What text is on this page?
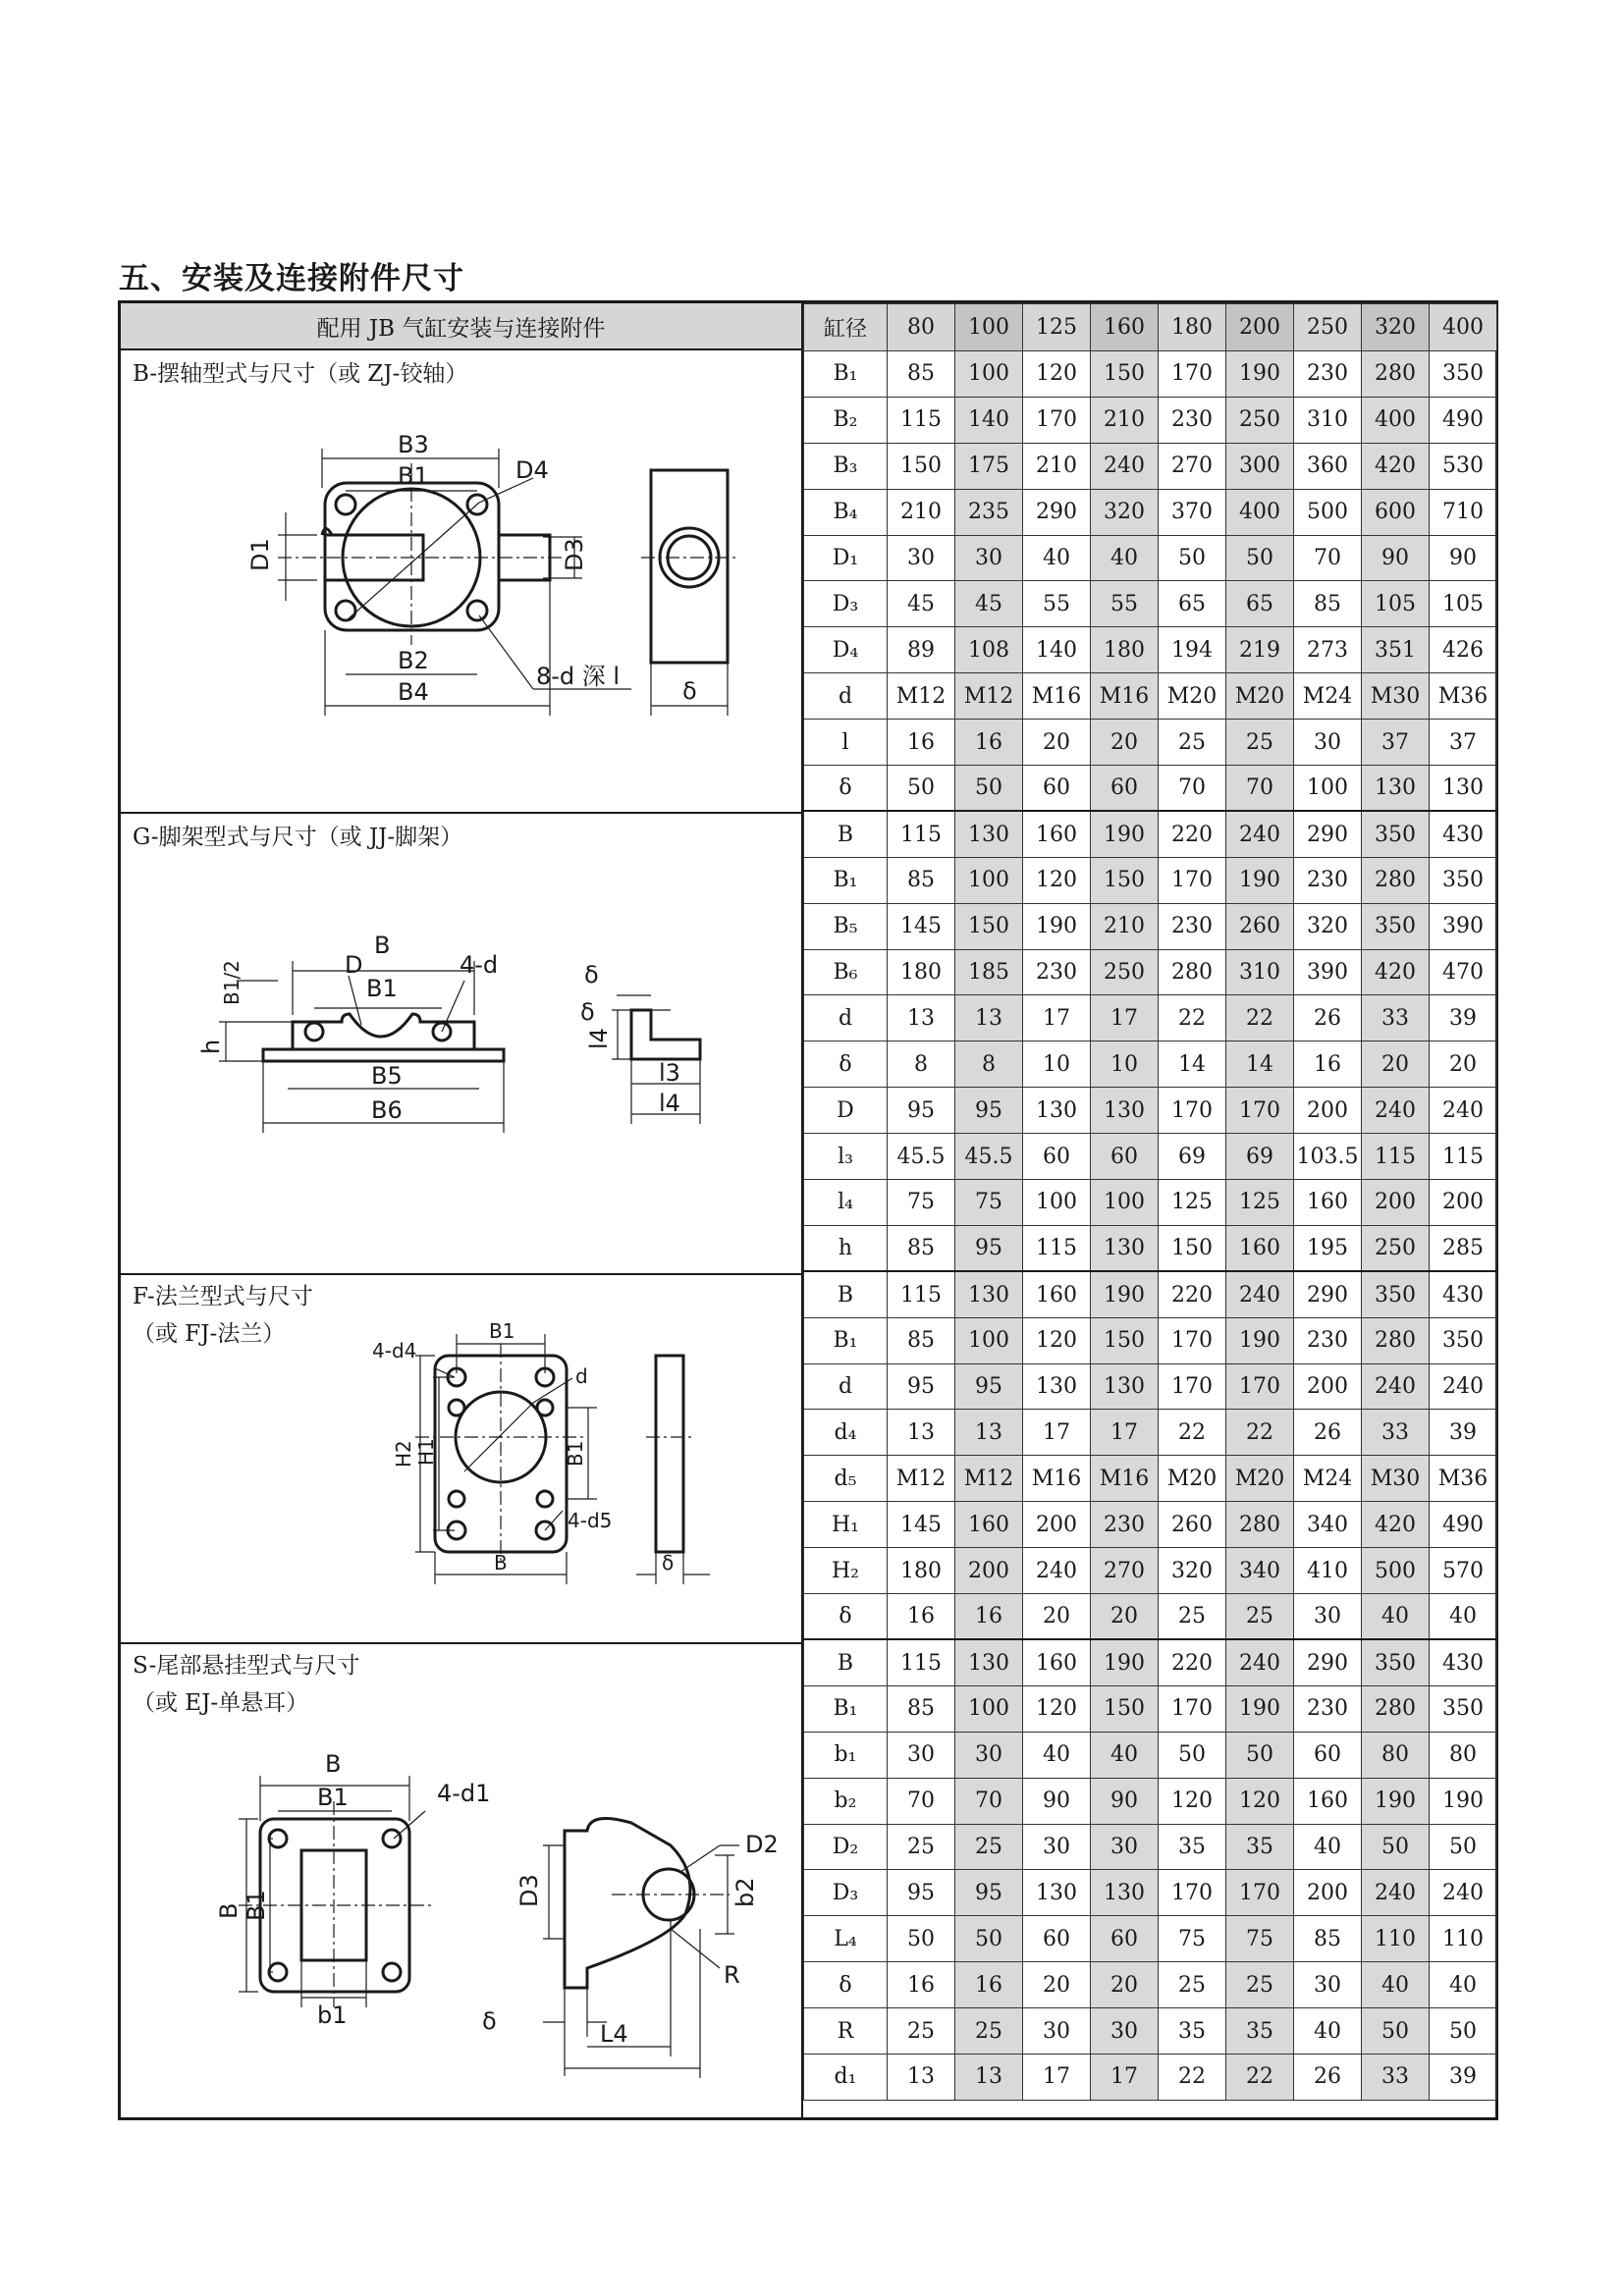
五、安装及连接附件尺寸
配用 JB 气缸安装与连接附件
B-摆轴型式与尺寸（或 ZJ-铰轴）
B3
B1	D4
D1	D3
B2
B4
8-d 深 l
δ
G-脚架型式与尺寸（或 JJ-脚架）
B
B1
D	4-d
B1/2
h
B5
B6
δ
δ
l4
l3
l4
F-法兰型式与尺寸
（或 FJ-法兰）
4-d4
B1
d
H2 H1	B1
4-d5
B	δ
S-尾部悬挂型式与尺寸
（或 EJ-单悬耳）
B
B1	4-d1
B B1
b1
D3
δ
D2
b2
R
L4
缸径	80	100	125	160	180	200	250	320	400
B₁	85	100	120	150	170	190	230	280	350
B₂	115	140	170	210	230	250	310	400	490
B₃	150	175	210	240	270	300	360	420	530
B₄	210	235	290	320	370	400	500	600	710
D₁	30	30	40	40	50	50	70	90	90
D₃	45	45	55	55	65	65	85	105	105
D₄	89	108	140	180	194	219	273	351	426
d	M12	M12	M16	M16	M20	M20	M24	M30	M36
l	16	16	20	20	25	25	30	37	37
δ	50	50	60	60	70	70	100	130	130
B	115	130	160	190	220	240	290	350	430
B₁	85	100	120	150	170	190	230	280	350
B₅	145	150	190	210	230	260	320	350	390
B₆	180	185	230	250	280	310	390	420	470
d	13	13	17	17	22	22	26	33	39
δ	8	8	10	10	14	14	16	20	20
D	95	95	130	130	170	170	200	240	240
l₃	45.5	45.5	60	60	69	69	103.5	115	115
l₄	75	75	100	100	125	125	160	200	200
h	85	95	115	130	150	160	195	250	285
B	115	130	160	190	220	240	290	350	430
B₁	85	100	120	150	170	190	230	280	350
d	95	95	130	130	170	170	200	240	240
d₄	13	13	17	17	22	22	26	33	39
d₅	M12	M12	M16	M16	M20	M20	M24	M30	M36
H₁	145	160	200	230	260	280	340	420	490
H₂	180	200	240	270	320	340	410	500	570
δ	16	16	20	20	25	25	30	40	40
B	115	130	160	190	220	240	290	350	430
B₁	85	100	120	150	170	190	230	280	350
b₁	30	30	40	40	50	50	60	80	80
b₂	70	70	90	90	120	120	160	190	190
D₂	25	25	30	30	35	35	40	50	50
D₃	95	95	130	130	170	170	200	240	240
L₄	50	50	60	60	75	75	85	110	110
δ	16	16	20	20	25	25	30	40	40
R	25	25	30	30	35	35	40	50	50
d₁	13	13	17	17	22	22	26	33	39
